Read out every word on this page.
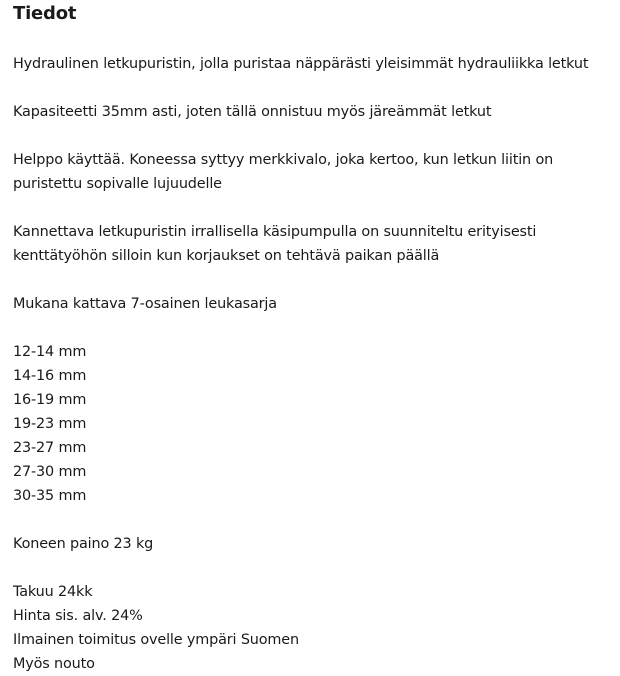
Tiedot

Hydraulinen letkupuristin, jolla puristaa näppärästi yleisimmät hydrauliikka letkut

Kapasiteetti 35mm asti, joten tällä onnistuu myös järeämmät letkut

Helppo käyttää. Koneessa syttyy merkkivalo, joka kertoo, kun letkun liitin on
puristettu sopivalle lujuudelle

Kannettava letkupuristin irrallisella käsipumpulla on suunniteltu erityisesti
kenttätyöhön silloin kun korjaukset on tehtävä paikan päällä

Mukana kattava 7-osainen leukasarja

12-14 mm
14-16 mm
16-19 mm
19-23 mm
23-27 mm
27-30 mm
30-35 mm

Koneen paino 23 kg

Takuu 24kk
Hinta sis. alv. 24%
Ilmainen toimitus ovelle ympäri Suomen
Myös nouto
